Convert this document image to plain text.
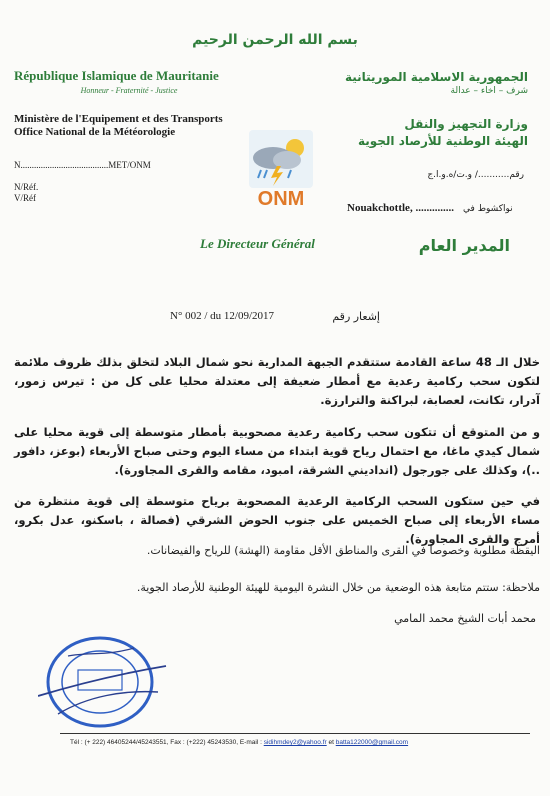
بسم الله الرحمن الرحيم
République Islamique de Mauritanie
Honneur - Fraternité - Justice
Ministère de l'Equipement et des Transports
Office National de la Météorologie
N.......................................MET/ONM
N/Réf.
V/Réf
الجمهورية الاسلامية الموريتانية
شرف – اخاء – عدالة
وزارة التجهيز والنقل
الهيئة الوطنية للأرصاد الجوية
رقم.........../ و.ت/ه.و.ا.ج
Nouakchottle, .............. نواكشوط في
ONM
Le Directeur Général	المدير العام
N° 002 / du 12/09/2017	إشعار رقم
خلال الـ 48 ساعة القادمة ستتقدم الجبهة المدارية نحو شمال البلاد لتخلق بذلك ظروف ملائمة لتكون سحب ركامية رعدية مع أمطار ضعيفة إلى معتدلة محليا على كل من : تيرس زمور، آدرار، تكانت، لعصابة، لبراكنة والترارزة.
و من المتوقع أن تتكون سحب ركامية رعدية مصحوبية بأمطار متوسطة إلى قوية محليا على شمال كيدي ماغا، مع احتمال رياح قوية ابتداء من مساء اليوم وحتى صباح الأربعاء (بوعز، دافور ..)، وكذلك على جورجول (انداديني الشرقة، امبود، مقامه والقرى المجاورة).
في حين ستكون السحب الركامية الرعدية المصحوبة برياح متوسطة إلى قوية منتظرة من مساء الأربعاء إلى صباح الخميس على جنوب الحوض الشرقي (فصالة ، باسكنو، عدل بكرو، أمرج والقرى المجاورة).
اليقظة مطلوبة وخصوصا في القرى والمناطق الأقل مقاومة (الهشة) للرياح والفيضانات.
ملاحظة: ستتم متابعة هذه الوضعية من خلال النشرة اليومية للهيئة الوطنية للأرصاد الجوية.
محمد أبات الشيخ محمد المامي
Tél : (+ 222) 46405244/45243551, Fax : (+222) 45243530, E-mail : sidihmdey2@yahoo.fr et batta122000@gmail.com
